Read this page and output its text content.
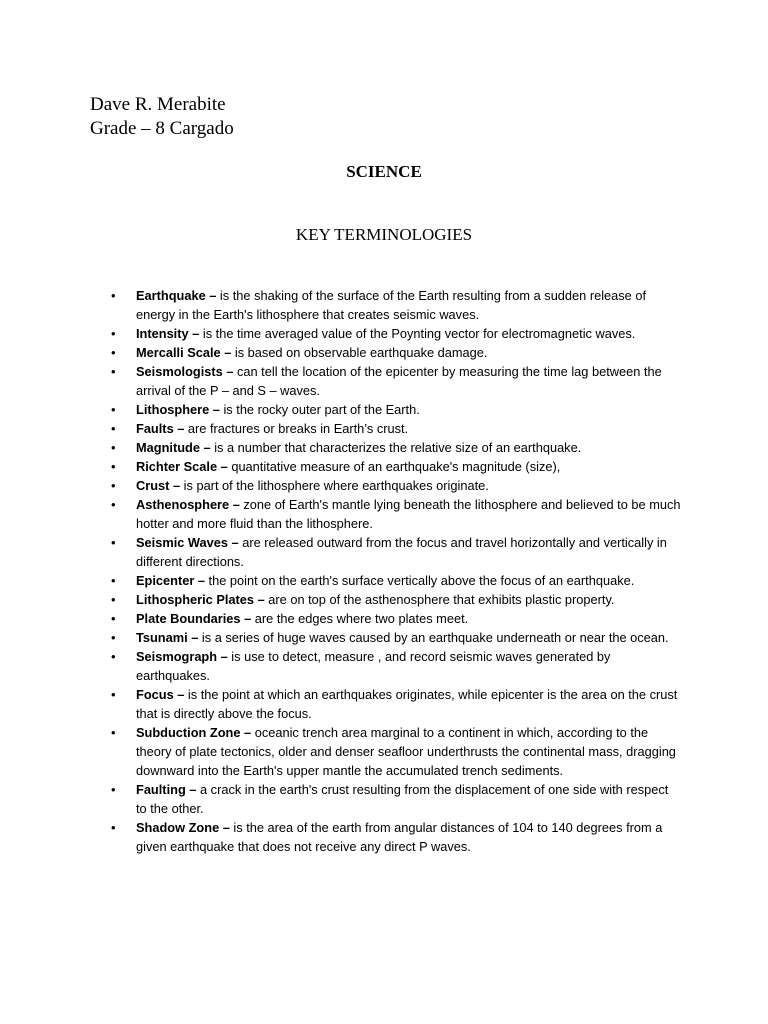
Dave R. Merabite
Grade – 8 Cargado
SCIENCE
KEY TERMINOLOGIES
• Earthquake – is the shaking of the surface of the Earth resulting from a sudden release of energy in the Earth's lithosphere that creates seismic waves.
• Intensity – is the time averaged value of the Poynting vector for electromagnetic waves.
• Mercalli Scale – is based on observable earthquake damage.
• Seismologists – can tell the location of the epicenter by measuring the time lag between the arrival of the P – and S – waves.
• Lithosphere – is the rocky outer part of the Earth.
• Faults – are fractures or breaks in Earth’s crust.
• Magnitude – is a number that characterizes the relative size of an earthquake.
• Richter Scale – quantitative measure of an earthquake's magnitude (size),
• Crust – is part of the lithosphere where earthquakes originate.
• Asthenosphere – zone of Earth's mantle lying beneath the lithosphere and believed to be much hotter and more fluid than the lithosphere.
• Seismic Waves – are released outward from the focus and travel horizontally and vertically in different directions.
• Epicenter – the point on the earth's surface vertically above the focus of an earthquake.
• Lithospheric Plates – are on top of the asthenosphere that exhibits plastic property.
• Plate Boundaries – are the edges where two plates meet.
• Tsunami – is a series of huge waves caused by an earthquake underneath or near the ocean.
• Seismograph – is use to detect, measure , and record seismic waves generated by earthquakes.
• Focus – is the point at which an earthquakes originates, while epicenter is the area on the crust that is directly above the focus.
• Subduction Zone – oceanic trench area marginal to a continent in which, according to the theory of plate tectonics, older and denser seafloor underthrusts the continental mass, dragging downward into the Earth's upper mantle the accumulated trench sediments.
• Faulting – a crack in the earth's crust resulting from the displacement of one side with respect to the other.
• Shadow Zone – is the area of the earth from angular distances of 104 to 140 degrees from a given earthquake that does not receive any direct P waves.
